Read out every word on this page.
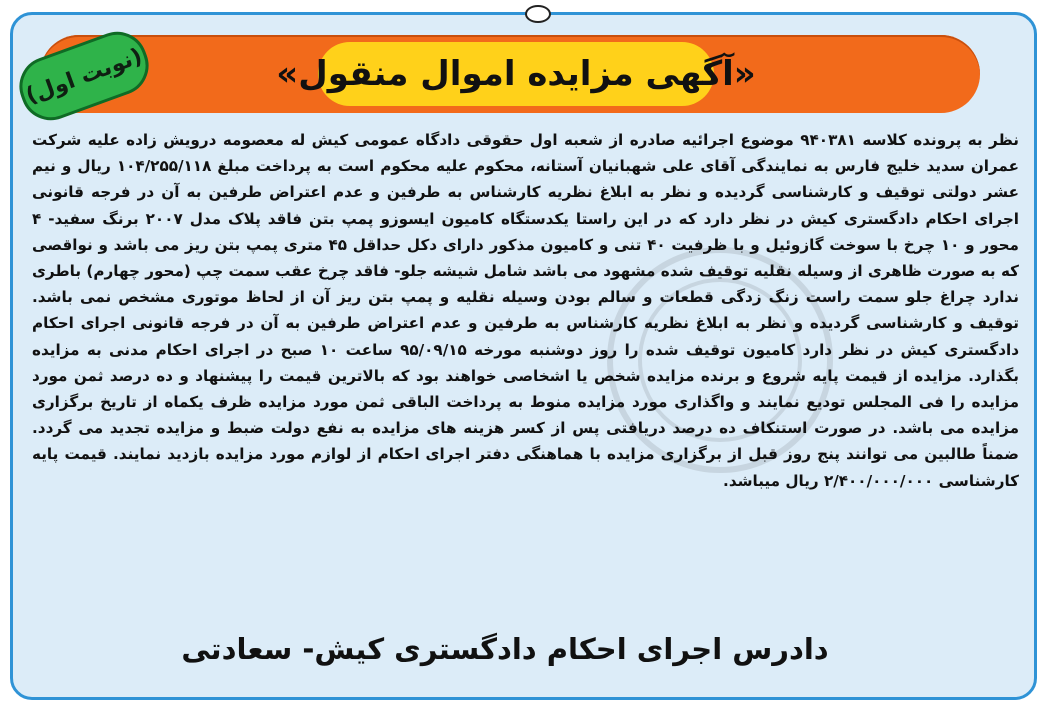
«آگهی مزایده اموال منقول»
(نوبت اول)
نظر به پرونده کلاسه ۹۴۰۳۸۱ موضوع اجرائیه صادره از شعبه اول حقوقی دادگاه عمومی کیش له معصومه درویش زاده علیه شرکت عمران سدید خلیج فارس به نمایندگی آقای علی شهبانیان آستانه، محکوم علیه محکوم است به پرداخت مبلغ ۱۰۴/۲۵۵/۱۱۸ ریال و نیم عشر دولتی توقیف و کارشناسی گردیده و نظر به ابلاغ نظریه کارشناس به طرفین و عدم اعتراض طرفین به آن در فرجه قانونی اجرای احکام دادگستری کیش در نظر دارد که در این راستا یکدستگاه کامیون ایسوزو پمپ بتن فاقد پلاک مدل ۲۰۰۷ برنگ سفید- ۴ محور و ۱۰ چرخ با سوخت گازوئیل و با ظرفیت ۴۰ تنی و کامیون مذکور دارای دکل حداقل ۴۵ متری پمپ بتن ریز می باشد و نواقصی که به صورت ظاهری از وسیله نقلیه توقیف شده مشهود می باشد شامل شیشه جلو- فاقد چرخ عقب سمت چپ (محور چهارم) باطری ندارد چراغ جلو سمت راست زنگ زدگی قطعات و سالم بودن وسیله نقلیه و پمپ بتن ریز آن از لحاظ موتوری مشخص نمی باشد. توقیف و کارشناسی گردیده و نظر به ابلاغ نظریه کارشناس به طرفین و عدم اعتراض طرفین به آن در فرجه قانونی اجرای احکام دادگستری کیش در نظر دارد کامیون توقیف شده را روز دوشنبه مورخه ۹۵/۰۹/۱۵ ساعت ۱۰ صبح در اجرای احکام مدنی به مزایده بگذارد. مزایده از قیمت پایه شروع و برنده مزایده شخص یا اشخاصی خواهند بود که بالاترین قیمت را پیشنهاد و ده درصد ثمن مورد مزایده را فی المجلس تودیع نمایند و واگذاری مورد مزایده منوط به پرداخت الباقی ثمن مورد مزایده ظرف یکماه از تاریخ برگزاری مزایده می باشد. در صورت استنکاف ده درصد دریافتی پس از کسر هزینه های مزایده به نفع دولت ضبط و مزایده تجدید می گردد. ضمناً طالبین می توانند پنج روز قبل از برگزاری مزایده با هماهنگی دفتر اجرای احکام از لوازم مورد مزایده بازدید نمایند. قیمت پایه کارشناسی ۲/۴۰۰/۰۰۰/۰۰۰ ریال میباشد.
دادرس اجرای احکام دادگستری کیش- سعادتی
